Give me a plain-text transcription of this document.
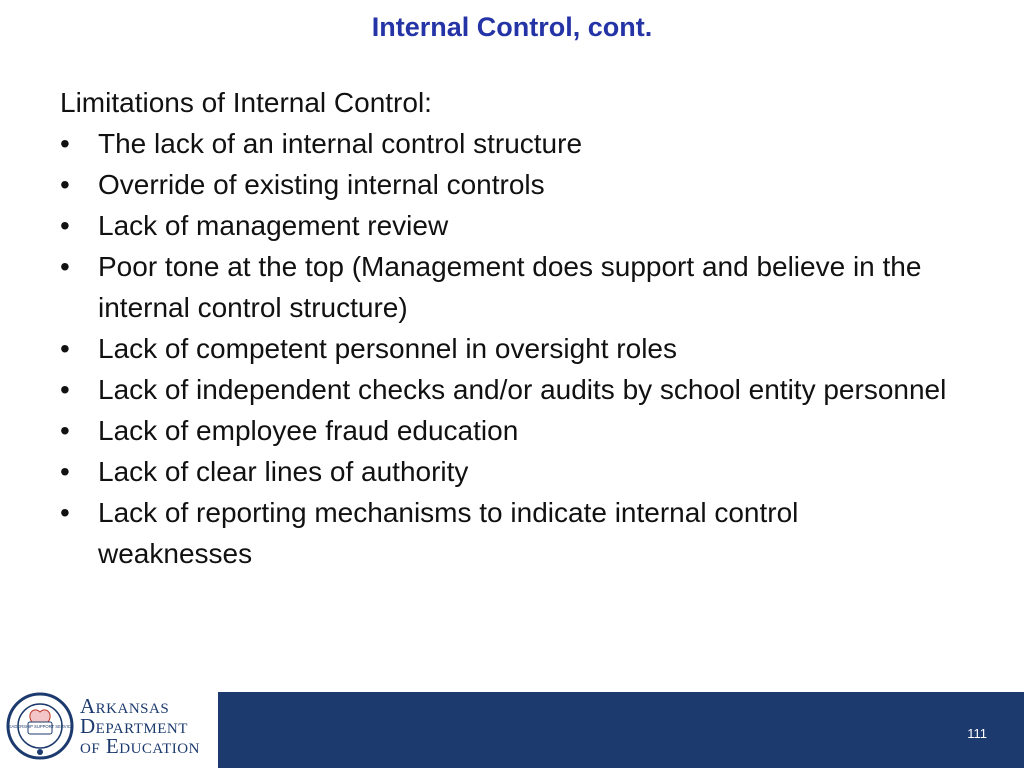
Internal Control, cont.

Limitations of Internal Control:

•	The lack of an internal control structure
•	Override of existing internal controls
•	Lack of management review
•	Poor tone at the top (Management does support and believe in the internal control structure)
•	Lack of competent personnel in oversight roles
•	Lack of independent checks and/or audits by school entity personnel
•	Lack of employee fraud education
•	Lack of clear lines of authority
•	Lack of reporting mechanisms to indicate internal control weaknesses
LEADERSHIP SUPPORT SERVICE
Arkansas
Department
of Education
111
